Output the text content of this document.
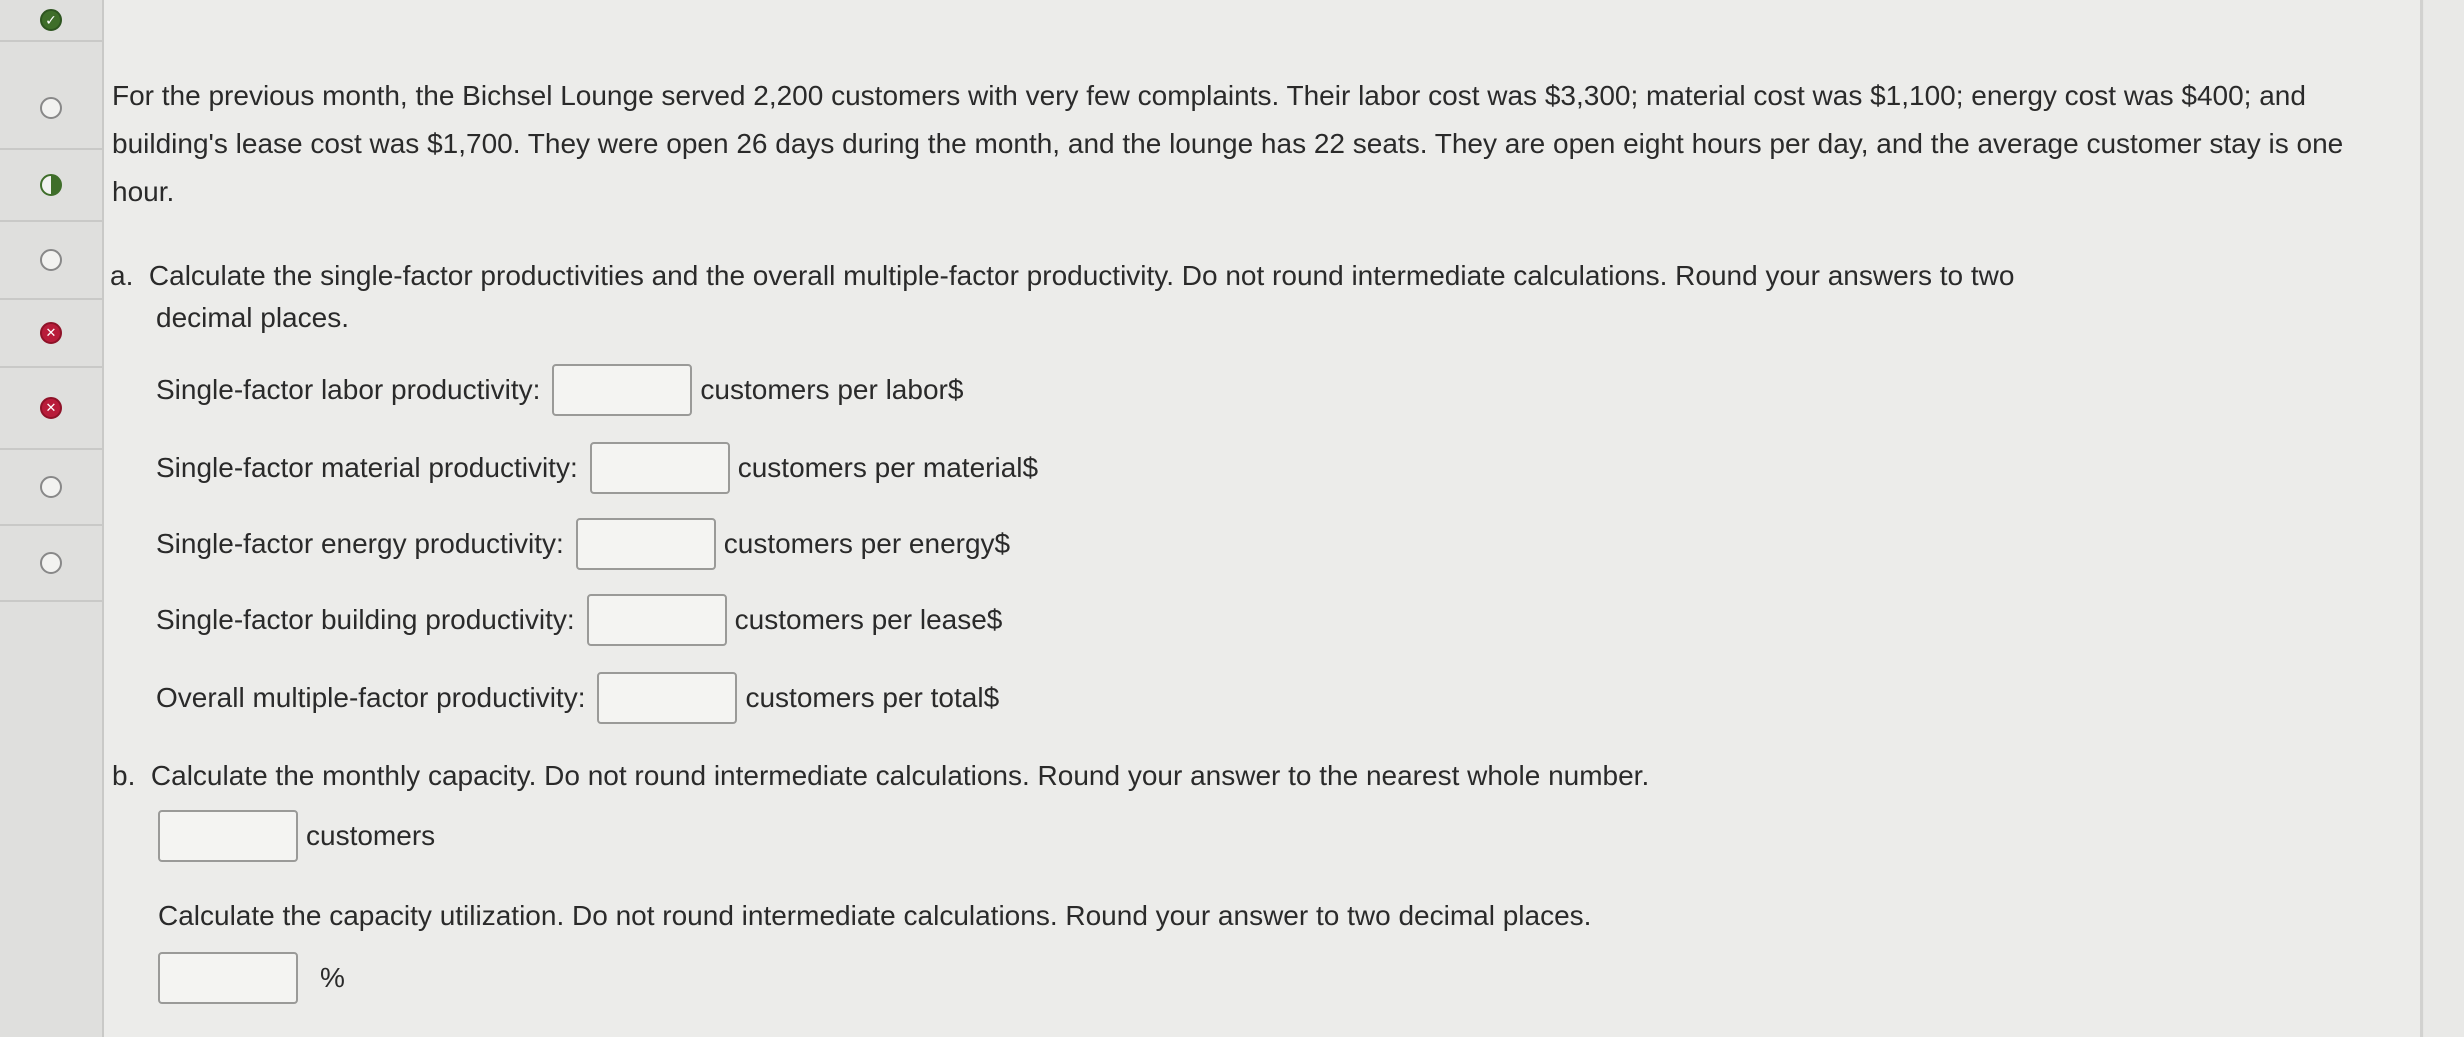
✓
✕
✕
For the previous month, the Bichsel Lounge served 2,200 customers with very few complaints. Their labor cost was $3,300; material cost was $1,100; energy cost was $400; and building's lease cost was $1,700. They were open 26 days during the month, and the lounge has 22 seats. They are open eight hours per day, and the average customer stay is one hour.
a. Calculate the single-factor productivities and the overall multiple-factor productivity. Do not round intermediate calculations. Round your answers to two
decimal places.
Single-factor labor productivity:	customers per labor$
Single-factor material productivity:	customers per material$
Single-factor energy productivity:	customers per energy$
Single-factor building productivity:	customers per lease$
Overall multiple-factor productivity:	customers per total$
b. Calculate the monthly capacity. Do not round intermediate calculations. Round your answer to the nearest whole number.
customers
Calculate the capacity utilization. Do not round intermediate calculations. Round your answer to two decimal places.
%
